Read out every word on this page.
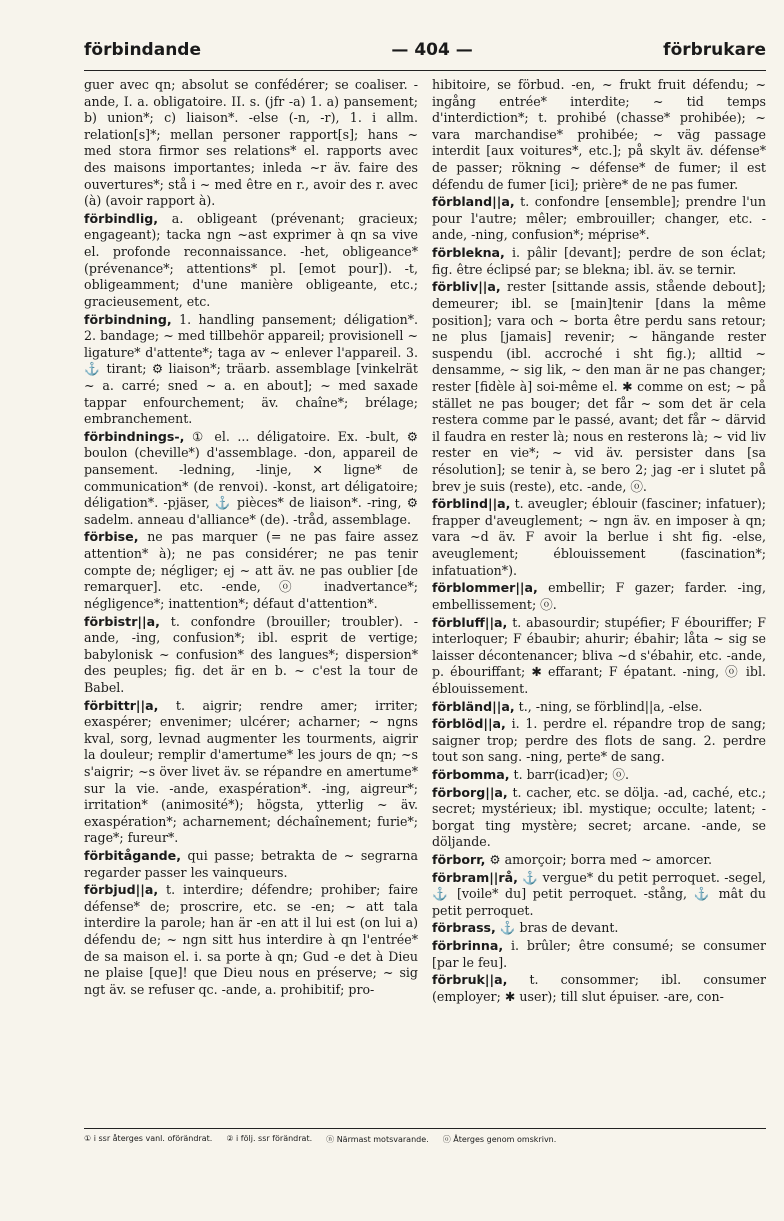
förbindande	— 404 —	förbrukare

guer avec qn; absolut se confédérer; se coaliser. -ande, I. a. obligatoire. II. s. (jfr -a) 1. a) pansement; b) union*; c) liaison*. -else (-n, -r), 1. i allm. relation[s]*; mellan personer rapport[s]; hans ~ med stora firmor ses relations* el. rapports avec des maisons importantes; inleda ~r äv. faire des ouvertures*; stå i ~ med être en r., avoir des r. avec (à) (avoir rapport à).

förbindlig, a. obligeant (prévenant; gracieux; engageant); tacka ngn ~ast exprimer à qn sa vive el. profonde reconnaissance. -het, obligeance* (prévenance*; attentions* pl. [emot pour]). -t, obligeamment; d'une manière obligeante, etc.; gracieusement, etc.

förbindning, 1. handling pansement; déligation*. 2. bandage; ~ med tillbehör appareil; provisionell ~ ligature* d'attente*; taga av ~ enlever l'appareil. 3. ⚓ tirant; ⚙ liaison*; träarb. assemblage [vinkelrät ~ a. carré; sned ~ a. en about]; ~ med saxade tappar enfourchement; äv. chaîne*; brélage; embranchement.

förbindnings-, ① el. ... déligatoire. Ex. -bult, ⚙ boulon (cheville*) d'assemblage. -don, appareil de pansement. -ledning, -linje, ✕ ligne* de communication* (de renvoi). -konst, art déligatoire; déligation*. -pjäser, ⚓ pièces* de liaison*. -ring, ⚙ sadelm. anneau d'alliance* (de). -tråd, assemblage.

förbise, ne pas marquer (= ne pas faire assez attention* à); ne pas considérer; ne pas tenir compte de; négliger; ej ~ att äv. ne pas oublier [de remarquer]. etc. -ende, ⓞ inadvertance*; négligence*; inattention*; défaut d'attention*.

förbistr||a, t. confondre (brouiller; troubler). -ande, -ing, confusion*; ibl. esprit de vertige; babylonisk ~ confusion* des langues*; dispersion* des peuples; fig. det är en b. ~ c'est la tour de Babel.

förbittr||a, t. aigrir; rendre amer; irriter; exaspérer; envenimer; ulcérer; acharner; ~ ngns kval, sorg, levnad augmenter les tourments, aigrir la douleur; remplir d'amertume* les jours de qn; ~s s'aigrir; ~s över livet äv. se répandre en amertume* sur la vie. -ande, exaspération*. -ing, aigreur*; irritation* (animosité*); högsta, ytterlig ~ äv. exaspération*; acharnement; déchaînement; furie*; rage*; fureur*.

förbitågande, qui passe; betrakta de ~ segrarna regarder passer les vainqueurs.

förbjud||a, t. interdire; défendre; prohiber; faire défense* de; proscrire, etc. se -en; ~ att tala interdire la parole; han är -en att il lui est (on lui a) défendu de; ~ ngn sitt hus interdire à qn l'entrée* de sa maison el. i. sa porte à qn; Gud -e det à Dieu ne plaise [que]! que Dieu nous en préserve; ~ sig ngt äv. se refuser qc. -ande, a. prohibitif; pro-

hibitoire, se förbud. -en, ~ frukt fruit défendu; ~ ingång entrée* interdite; ~ tid temps d'interdiction*; t. prohibé (chasse* prohibée); ~ vara marchandise* prohibée; ~ väg passage interdit [aux voitures*, etc.]; på skylt äv. défense* de passer; rökning ~ défense* de fumer; il est défendu de fumer [ici]; prière* de ne pas fumer.

förbland||a, t. confondre [ensemble]; prendre l'un pour l'autre; mêler; embrouiller; changer, etc. -ande, -ning, confusion*; méprise*.

förblekna, i. pâlir [devant]; perdre de son éclat; fig. être éclipsé par; se blekna; ibl. äv. se ternir.

förbliv||a, rester [sittande assis, stående debout]; demeurer; ibl. se [main]tenir [dans la même position]; vara och ~ borta être perdu sans retour; ne plus [jamais] revenir; ~ hängande rester suspendu (ibl. accroché i sht fig.); alltid ~ densamme, ~ sig lik, ~ den man är ne pas changer; rester [fidèle à] soi-même el. ✱ comme on est; ~ på stället ne pas bouger; det får ~ som det är cela restera comme par le passé, avant; det får ~ därvid il faudra en rester là; nous en resterons là; ~ vid liv rester en vie*; ~ vid äv. persister dans [sa résolution]; se tenir à, se bero 2; jag -er i slutet på brev je suis (reste), etc. -ande, ⓞ.

förblind||a, t. aveugler; éblouir (fasciner; infatuer); frapper d'aveuglement; ~ ngn äv. en imposer à qn; vara ~d äv. F avoir la berlue i sht fig. -else, aveuglement; éblouissement (fascination*; infatuation*).

förblommer||a, embellir; F gazer; farder. -ing, embellissement; ⓞ.

förbluff||a, t. abasourdir; stupéfier; F ébouriffer; F interloquer; F ébaubir; ahurir; ébahir; låta ~ sig se laisser décontenancer; bliva ~d s'ébahir, etc. -ande, p. ébouriffant; ✱ effarant; F épatant. -ning, ⓞ ibl. éblouissement.

förbländ||a, t., -ning, se förblind||a, -else.

förblöd||a, i. 1. perdre el. répandre trop de sang; saigner trop; perdre des flots de sang. 2. perdre tout son sang. -ning, perte* de sang.

förbomma, t. barr(icad)er; ⓞ.

förborg||a, t. cacher, etc. se dölja. -ad, caché, etc.; secret; mystérieux; ibl. mystique; occulte; latent; -borgat ting mystère; secret; arcane. -ande, se döljande.

förborr, ⚙ amorçoir; borra med ~ amorcer.

förbram||rå, ⚓ vergue* du petit perroquet. -segel, ⚓ [voile* du] petit perroquet. -stång, ⚓ mât du petit perroquet.

förbrass, ⚓ bras de devant.

förbrinna, i. brûler; être consumé; se consumer [par le feu].

förbruk||a, t. consommer; ibl. consumer (employer; ✱ user); till slut épuiser. -are, con-

① i ssr återges vanl. oförändrat. ② i följ. ssr förändrat. ⓝ Närmast motsvarande. ⓞ Återges genom omskrivn.
